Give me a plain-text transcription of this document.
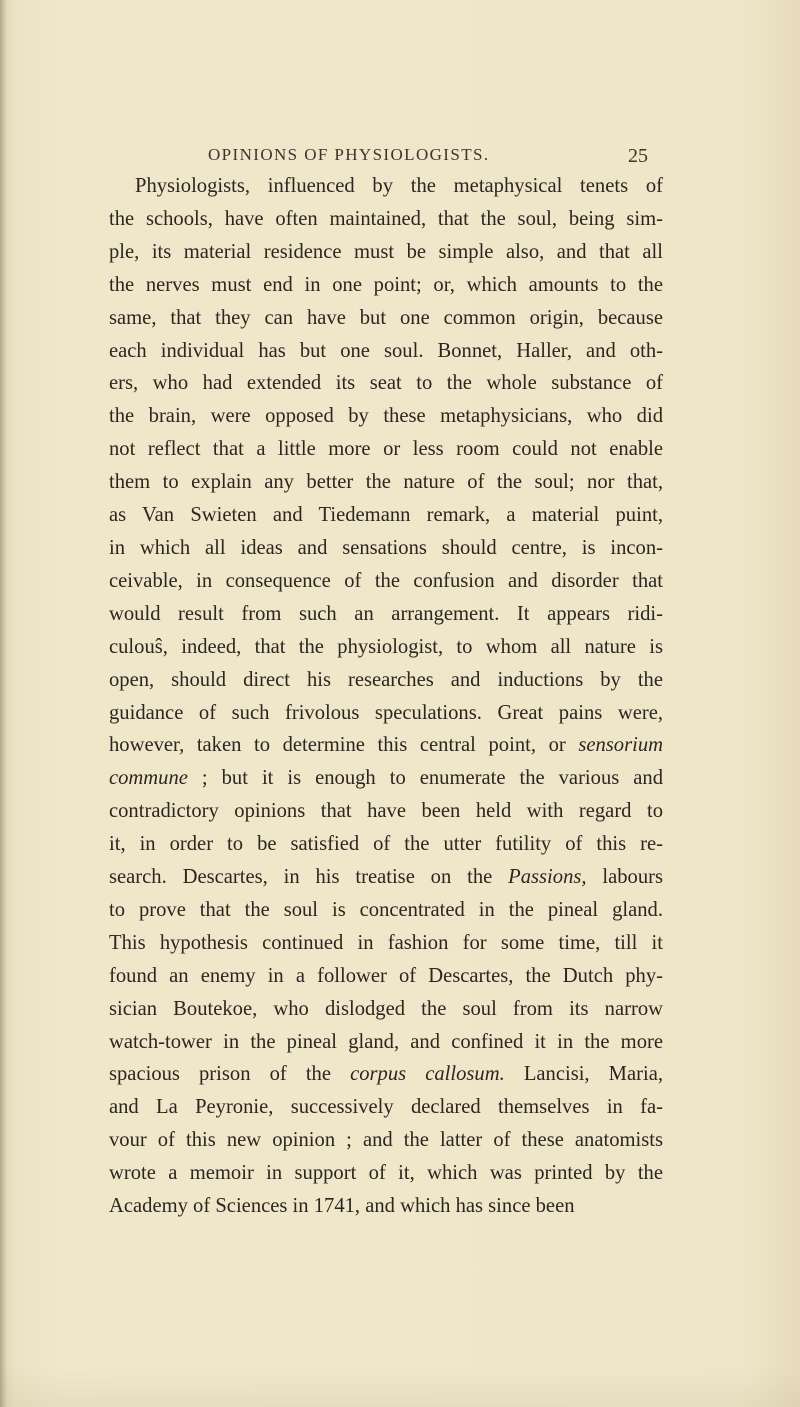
OPINIONS OF PHYSIOLOGISTS.	25
Physiologists, influenced by the metaphysical tenets of
the schools, have often maintained, that the soul, being sim-
ple, its material residence must be simple also, and that all
the nerves must end in one point; or, which amounts to the
same, that they can have but one common origin, because
each individual has but one soul. Bonnet, Haller, and oth-
ers, who had extended its seat to the whole substance of
the brain, were opposed by these metaphysicians, who did
not reflect that a little more or less room could not enable
them to explain any better the nature of the soul; nor that,
as Van Swieten and Tiedemann remark, a material puint,
in which all ideas and sensations should centre, is incon-
ceivable, in consequence of the confusion and disorder that
would result from such an arrangement. It appears ridi-
culouŝ, indeed, that the physiologist, to whom all nature is
open, should direct his researches and inductions by the
guidance of such frivolous speculations. Great pains were,
however, taken to determine this central point, or sensorium
commune ; but it is enough to enumerate the various and
contradictory opinions that have been held with regard to
it, in order to be satisfied of the utter futility of this re-
search. Descartes, in his treatise on the Passions, labours
to prove that the soul is concentrated in the pineal gland.
This hypothesis continued in fashion for some time, till it
found an enemy in a follower of Descartes, the Dutch phy-
sician Boutekoe, who dislodged the soul from its narrow
watch-tower in the pineal gland, and confined it in the more
spacious prison of the corpus callosum. Lancisi, Maria,
and La Peyronie, successively declared themselves in fa-
vour of this new opinion ; and the latter of these anatomists
wrote a memoir in support of it, which was printed by the
Academy of Sciences in 1741, and which has since been
